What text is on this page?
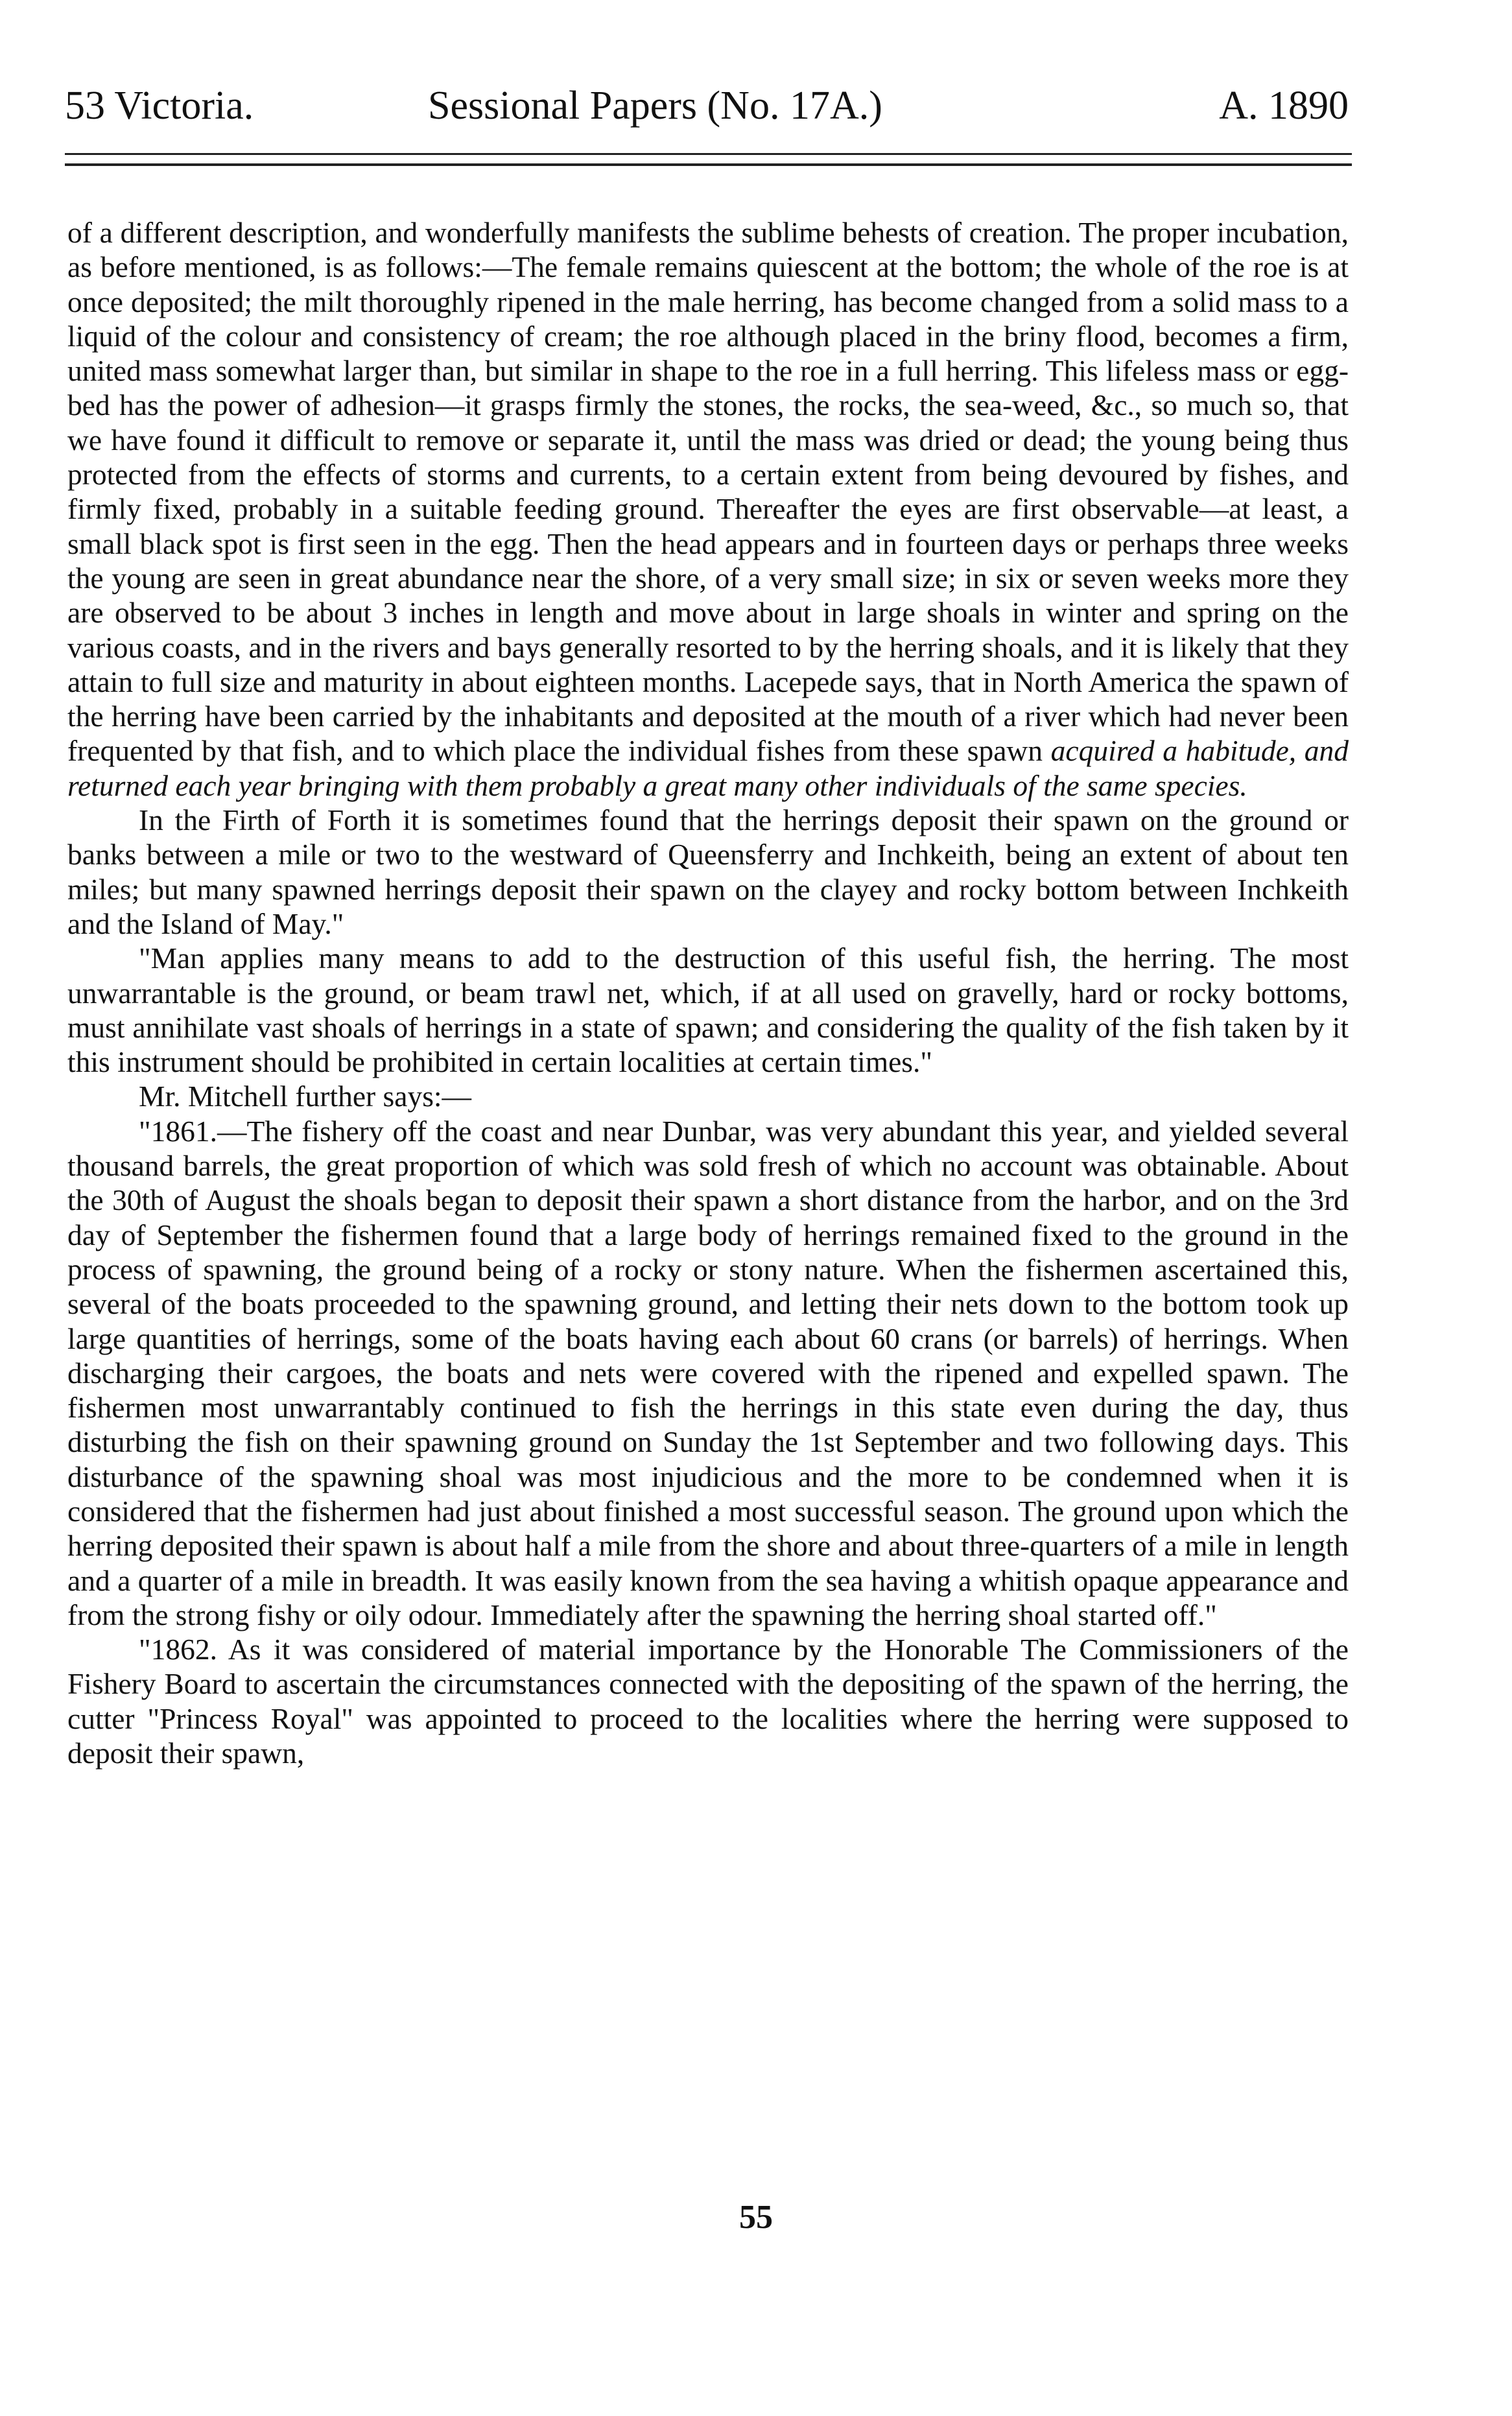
53 Victoria.	Sessional Papers (No. 17A.)	A. 1890

of a different description, and wonderfully manifests the sublime behests of creation. The proper incubation, as before mentioned, is as follows:—The female remains quiescent at the bottom; the whole of the roe is at once deposited; the milt thoroughly ripened in the male herring, has become changed from a solid mass to a liquid of the colour and consistency of cream; the roe although placed in the briny flood, becomes a firm, united mass somewhat larger than, but similar in shape to the roe in a full herring. This lifeless mass or egg-bed has the power of adhesion—it grasps firmly the stones, the rocks, the sea-weed, &c., so much so, that we have found it difficult to remove or separate it, until the mass was dried or dead; the young being thus protected from the effects of storms and currents, to a certain extent from being devoured by fishes, and firmly fixed, probably in a suitable feeding ground. Thereafter the eyes are first observable—at least, a small black spot is first seen in the egg. Then the head appears and in fourteen days or perhaps three weeks the young are seen in great abundance near the shore, of a very small size; in six or seven weeks more they are observed to be about 3 inches in length and move about in large shoals in winter and spring on the various coasts, and in the rivers and bays generally resorted to by the herring shoals, and it is likely that they attain to full size and maturity in about eighteen months. Lacepede says, that in North America the spawn of the herring have been carried by the inhabitants and deposited at the mouth of a river which had never been frequented by that fish, and to which place the individual fishes from these spawn acquired a habitude, and returned each year bringing with them probably a great many other individuals of the same species.

In the Firth of Forth it is sometimes found that the herrings deposit their spawn on the ground or banks between a mile or two to the westward of Queensferry and Inchkeith, being an extent of about ten miles; but many spawned herrings deposit their spawn on the clayey and rocky bottom between Inchkeith and the Island of May."

"Man applies many means to add to the destruction of this useful fish, the herring. The most unwarrantable is the ground, or beam trawl net, which, if at all used on gravelly, hard or rocky bottoms, must annihilate vast shoals of herrings in a state of spawn; and considering the quality of the fish taken by it this instrument should be prohibited in certain localities at certain times."

Mr. Mitchell further says:—

"1861.—The fishery off the coast and near Dunbar, was very abundant this year, and yielded several thousand barrels, the great proportion of which was sold fresh of which no account was obtainable. About the 30th of August the shoals began to deposit their spawn a short distance from the harbor, and on the 3rd day of September the fishermen found that a large body of herrings remained fixed to the ground in the process of spawning, the ground being of a rocky or stony nature. When the fishermen ascertained this, several of the boats proceeded to the spawning ground, and letting their nets down to the bottom took up large quantities of herrings, some of the boats having each about 60 crans (or barrels) of herrings. When discharging their cargoes, the boats and nets were covered with the ripened and expelled spawn. The fishermen most unwarrantably continued to fish the herrings in this state even during the day, thus disturbing the fish on their spawning ground on Sunday the 1st September and two following days. This disturbance of the spawning shoal was most injudicious and the more to be condemned when it is considered that the fishermen had just about finished a most successful season. The ground upon which the herring deposited their spawn is about half a mile from the shore and about three-quarters of a mile in length and a quarter of a mile in breadth. It was easily known from the sea having a whitish opaque appearance and from the strong fishy or oily odour. Immediately after the spawning the herring shoal started off."

"1862. As it was considered of material importance by the Honorable The Commissioners of the Fishery Board to ascertain the circumstances connected with the depositing of the spawn of the herring, the cutter "Princess Royal" was appointed to proceed to the localities where the herring were supposed to deposit their spawn,

55
